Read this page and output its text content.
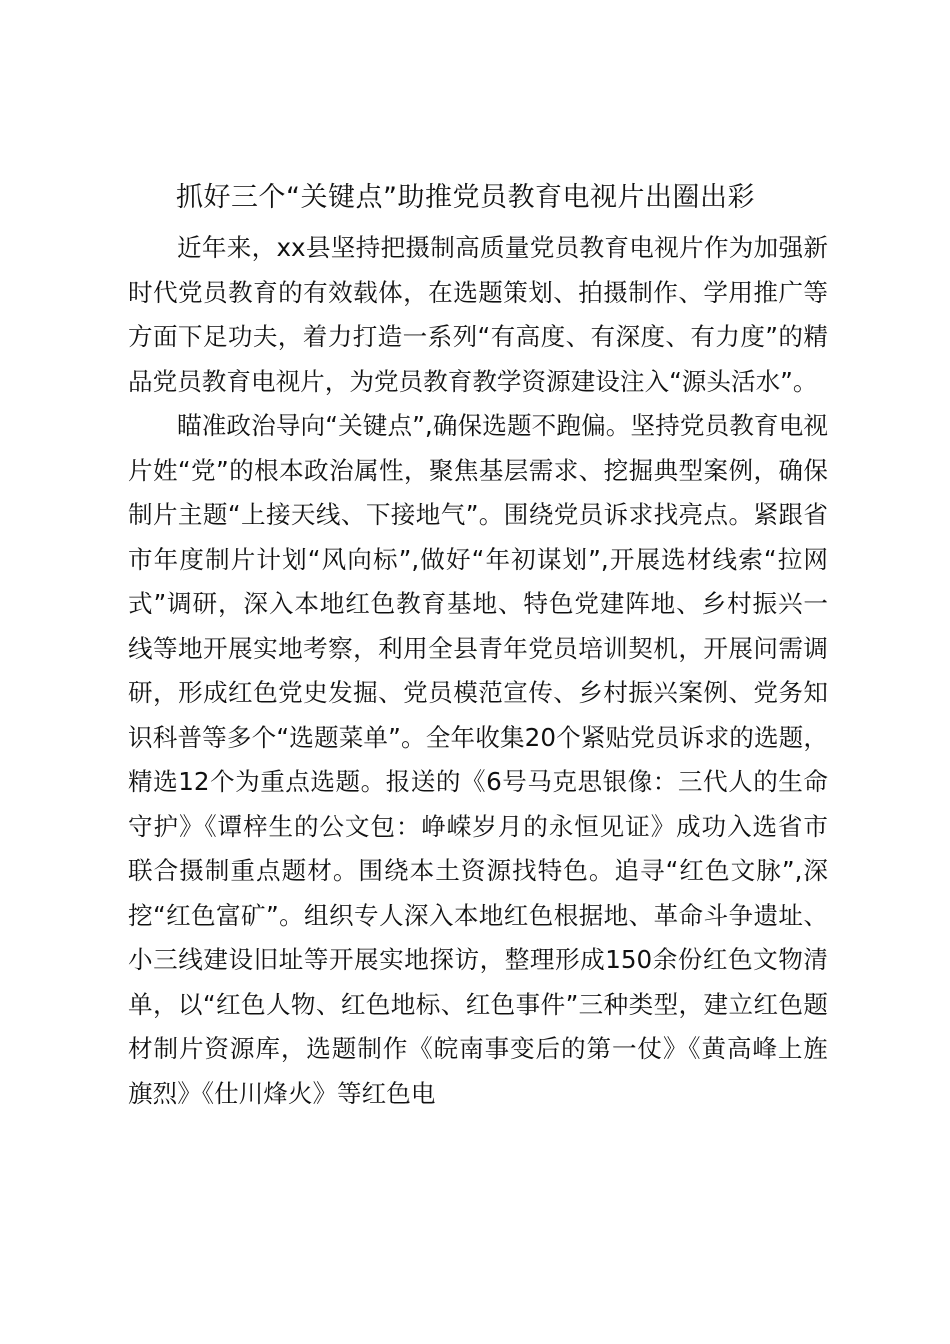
抓好三个“关键点”助推党员教育电视片出圈出彩

近年来，xx县坚持把摄制高质量党员教育电视片作为加强新时代党员教育的有效载体，在选题策划、拍摄制作、学用推广等方面下足功夫，着力打造一系列“有高度、有深度、有力度”的精品党员教育电视片，为党员教育教学资源建设注入“源头活水”。

瞄准政治导向“关键点”,确保选题不跑偏。坚持党员教育电视片姓“党”的根本政治属性，聚焦基层需求、挖掘典型案例，确保制片主题“上接天线、下接地气”。围绕党员诉求找亮点。紧跟省市年度制片计划“风向标”,做好“年初谋划”,开展选材线索“拉网式”调研，深入本地红色教育基地、特色党建阵地、乡村振兴一线等地开展实地考察，利用全县青年党员培训契机，开展问需调研，形成红色党史发掘、党员模范宣传、乡村振兴案例、党务知识科普等多个“选题菜单”。全年收集20个紧贴党员诉求的选题，精选12个为重点选题。报送的《6号马克思银像：三代人的生命守护》《谭梓生的公文包：峥嵘岁月的永恒见证》成功入选省市联合摄制重点题材。围绕本土资源找特色。追寻“红色文脉”,深挖“红色富矿”。组织专人深入本地红色根据地、革命斗争遗址、小三线建设旧址等开展实地探访，整理形成150余份红色文物清单，以“红色人物、红色地标、红色事件”三种类型，建立红色题材制片资源库，选题制作《皖南事变后的第一仗》《黄高峰上旌旗烈》《仕川烽火》等红色电
